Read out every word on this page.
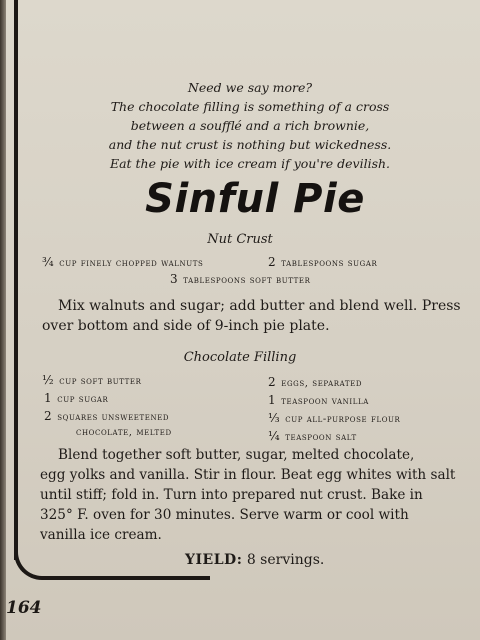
164
Need we say more?
The chocolate filling is something of a cross
between a soufflé and a rich brownie,
and the nut crust is nothing but wickedness.
Eat the pie with ice cream if you're devilish.
Sinful Pie
Nut Crust
¾ cup finely chopped walnuts	2 tablespoons sugar
3 tablespoons soft butter
Mix walnuts and sugar; add butter and blend well. Press
over bottom and side of 9-inch pie plate.
Chocolate Filling
½ cup soft butter
1 cup sugar
2 squares unsweetened
chocolate, melted
2 eggs, separated
1 teaspoon vanilla
⅓ cup all-purpose flour
¼ teaspoon salt
Blend together soft butter, sugar, melted chocolate,
egg yolks and vanilla. Stir in flour. Beat egg whites with salt
until stiff; fold in. Turn into prepared nut crust. Bake in
325° F. oven for 30 minutes. Serve warm or cool with
vanilla ice cream.
YIELD: 8 servings.
